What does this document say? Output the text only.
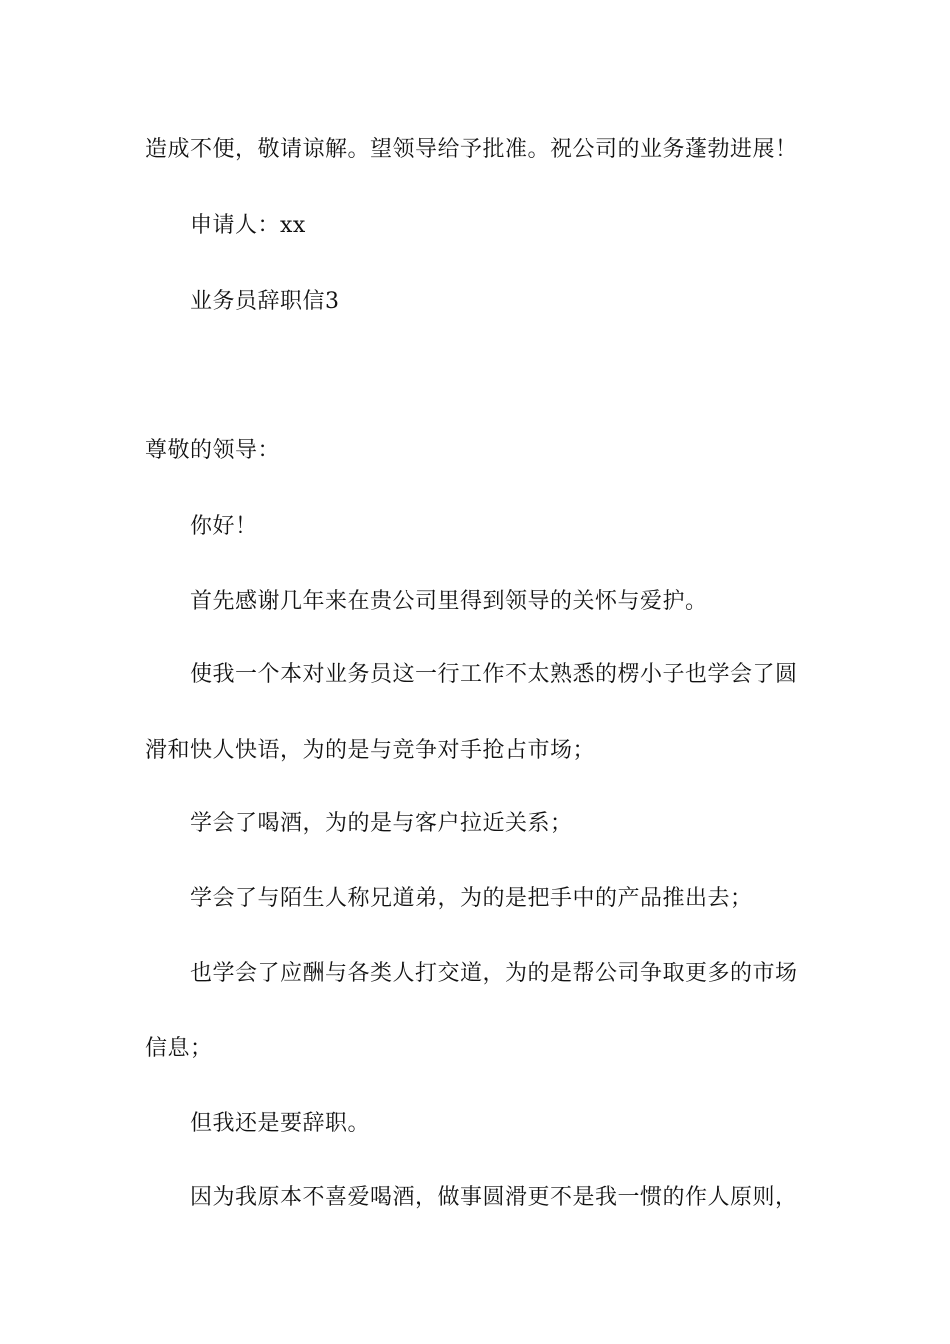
造成不便，敬请谅解。望领导给予批准。祝公司的业务蓬勃进展！
申请人：xx
业务员辞职信3
尊敬的领导：
你好！
首先感谢几年来在贵公司里得到领导的关怀与爱护。
使我一个本对业务员这一行工作不太熟悉的楞小子也学会了圆
滑和快人快语，为的是与竞争对手抢占市场；
学会了喝酒，为的是与客户拉近关系；
学会了与陌生人称兄道弟，为的是把手中的产品推出去；
也学会了应酬与各类人打交道，为的是帮公司争取更多的市场
信息；
但我还是要辞职。
因为我原本不喜爱喝酒，做事圆滑更不是我一惯的作人原则，
